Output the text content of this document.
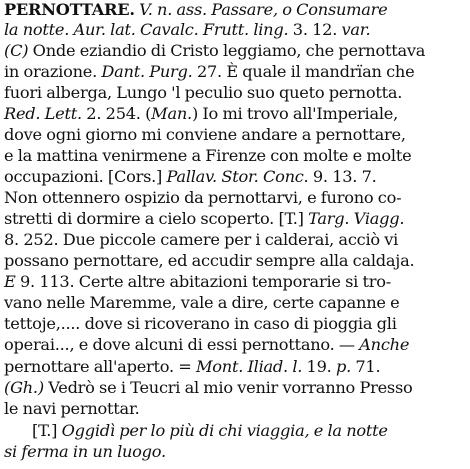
PERNOTTARE. V. n. ass. Passare, o Consumare
la notte. Aur. lat. Cavalc. Frutt. ling. 3. 12. var.
(C) Onde eziandio di Cristo leggiamo, che pernottava
in orazione. Dant. Purg. 27. È quale il mandrïan che
fuori alberga, Lungo 'l peculio suo queto pernotta.
Red. Lett. 2. 254. (Man.) Io mi trovo all'Imperiale,
dove ogni giorno mi conviene andare a pernottare,
e la mattina venirmene a Firenze con molte e molte
occupazioni. [Cors.] Pallav. Stor. Conc. 9. 13. 7.
Non ottennero ospizio da pernottarvi, e furono co-
stretti di dormire a cielo scoperto. [T.] Targ. Viagg.
8. 252. Due piccole camere per i calderai, acciò vi
possano pernottare, ed accudir sempre alla caldaja.
E 9. 113. Certe altre abitazioni temporarie si tro-
vano nelle Maremme, vale a dire, certe capanne e
tettoje,.... dove si ricoverano in caso di pioggia gli
operai..., e dove alcuni di essi pernottano. — Anche
pernottare all'aperto. = Mont. Iliad. l. 19. p. 71.
(Gh.) Vedrò se i Teucri al mio venir vorranno Presso
le navi pernottar.
[T.] Oggidì per lo più di chi viaggia, e la notte
si ferma in un luogo.
